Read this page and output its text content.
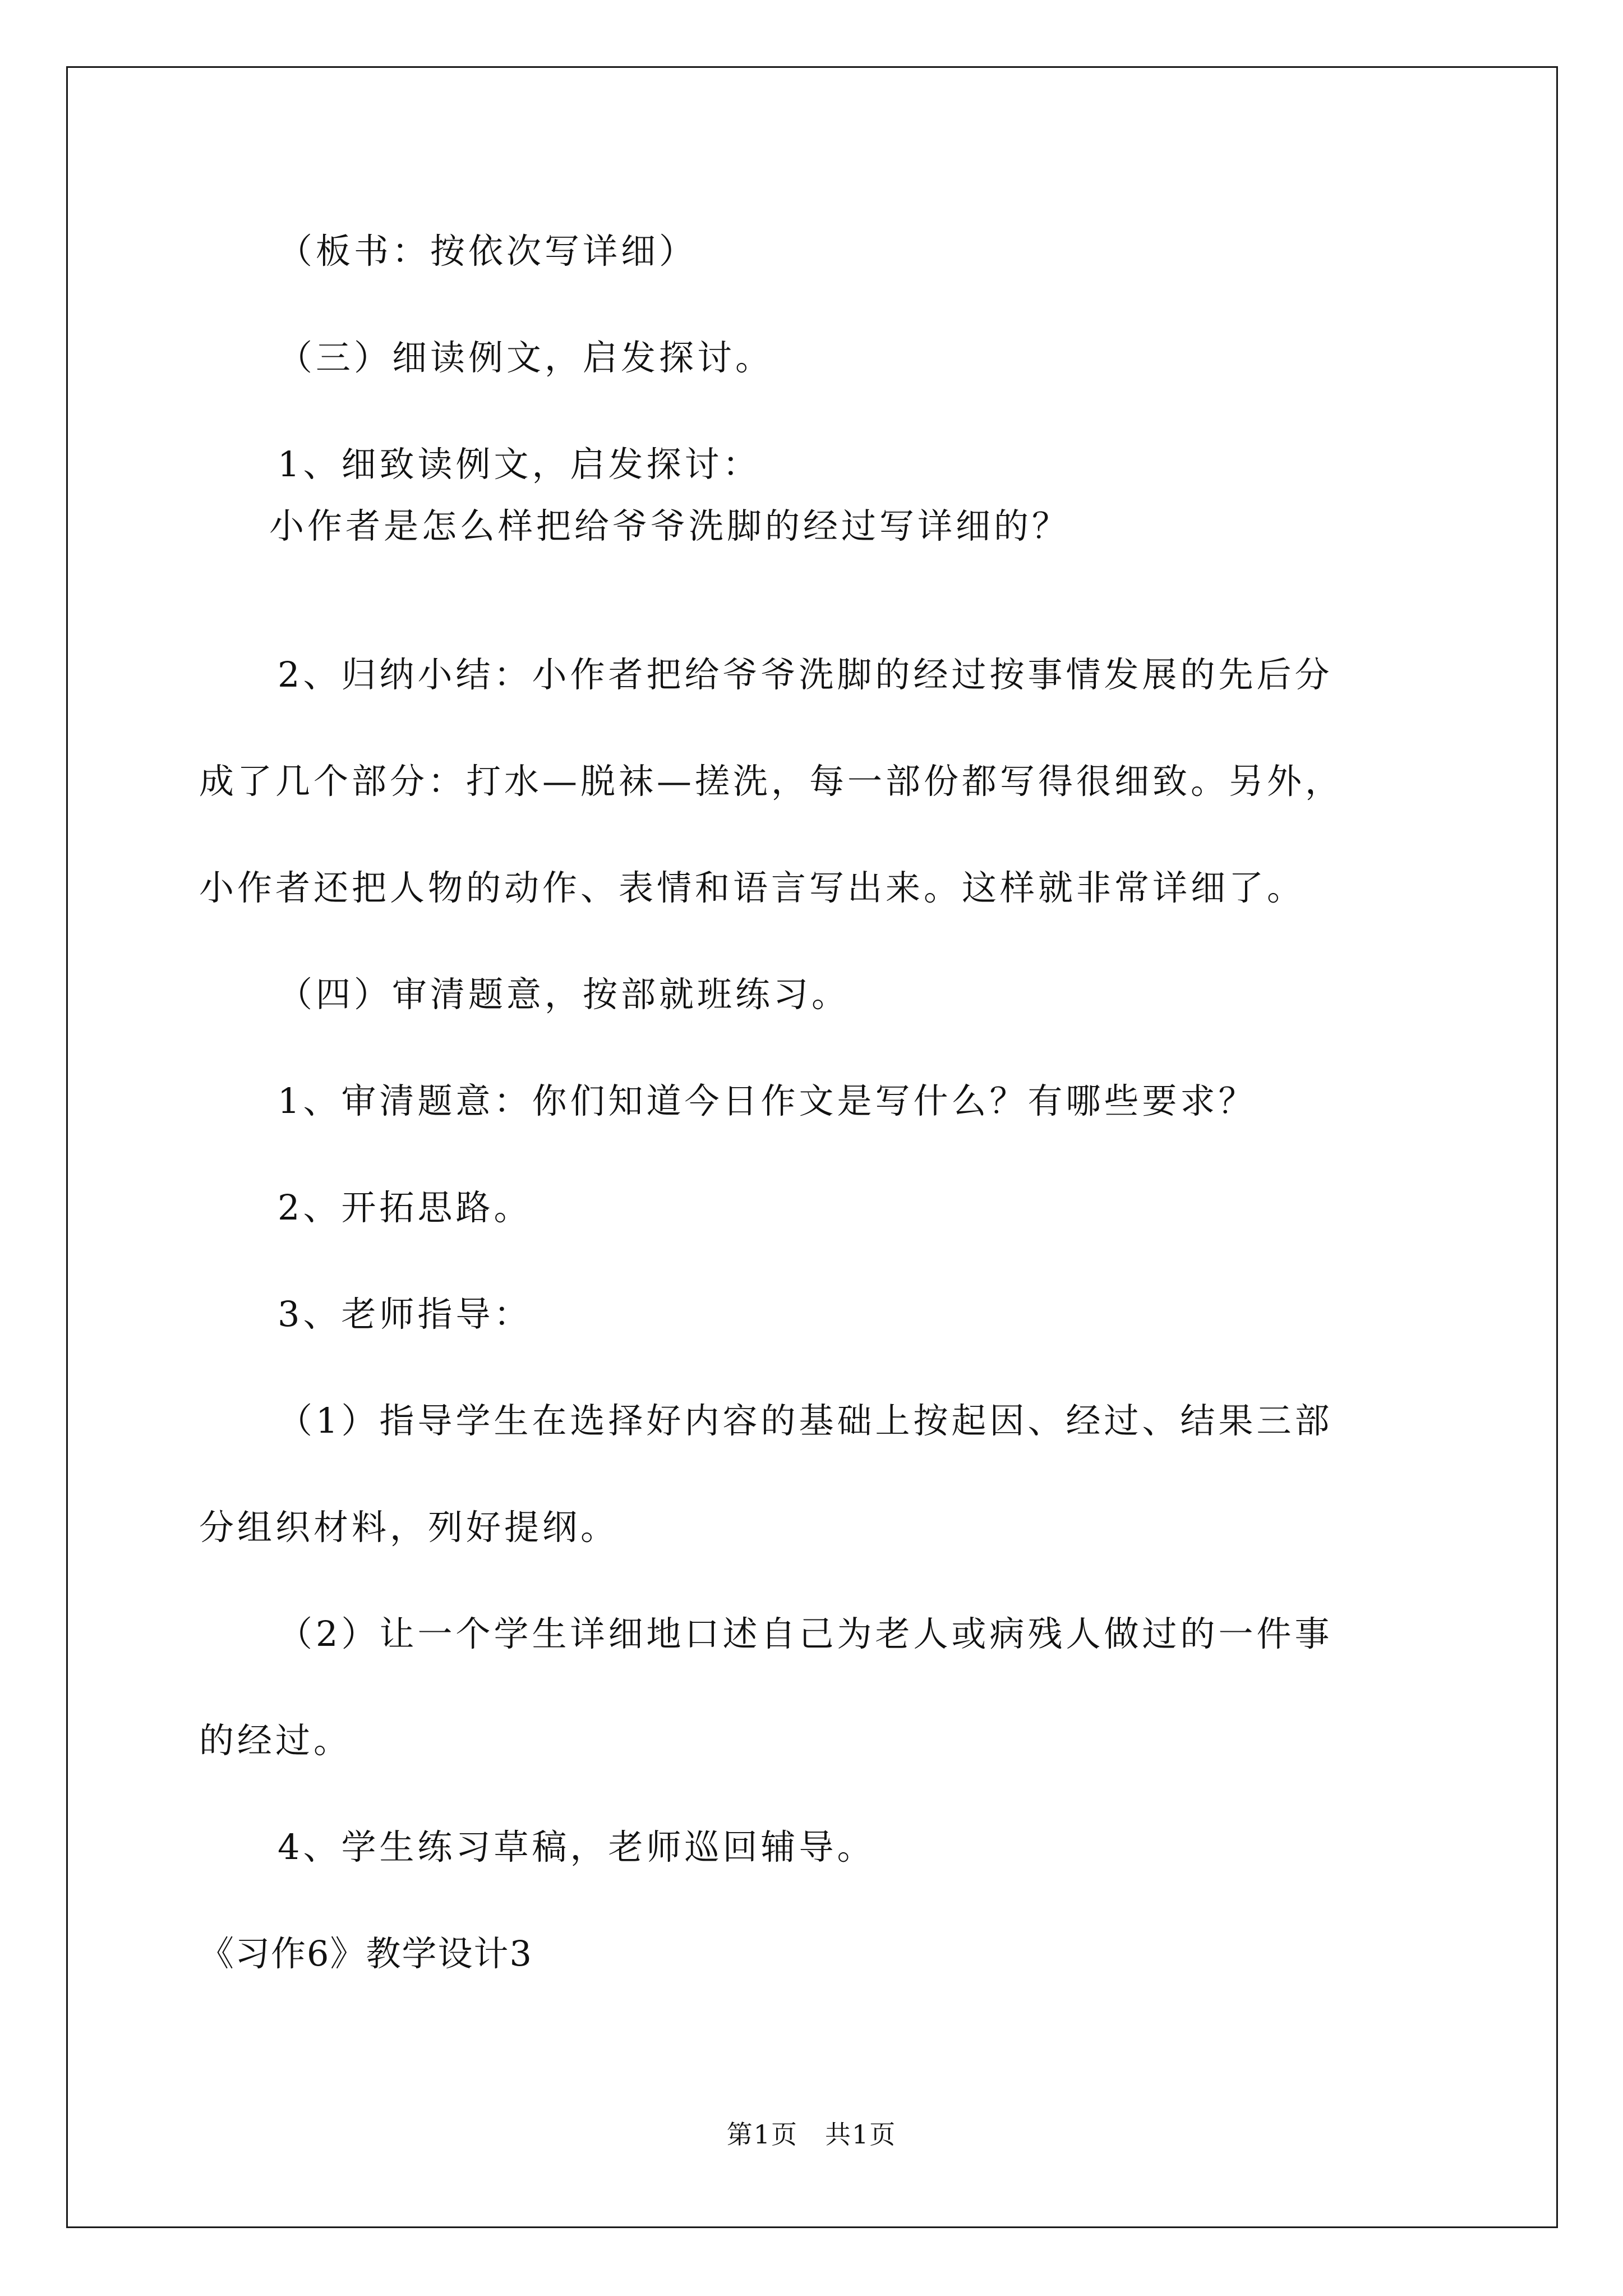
（板书：按依次写详细）
（三）细读例文，启发探讨。
1、细致读例文，启发探讨：
小作者是怎么样把给爷爷洗脚的经过写详细的？
2、归纳小结：小作者把给爷爷洗脚的经过按事情发展的先后分
成了几个部分：打水—脱袜—搓洗，每一部份都写得很细致。另外，
小作者还把人物的动作、表情和语言写出来。这样就非常详细了。
（四）审清题意，按部就班练习。
1、审清题意：你们知道今日作文是写什么？有哪些要求？
2、开拓思路。
3、老师指导：
（1）指导学生在选择好内容的基础上按起因、经过、结果三部
分组织材料，列好提纲。
（2）让一个学生详细地口述自己为老人或病残人做过的一件事
的经过。
4、学生练习草稿，老师巡回辅导。
《习作6》教学设计3
第1页　共1页
